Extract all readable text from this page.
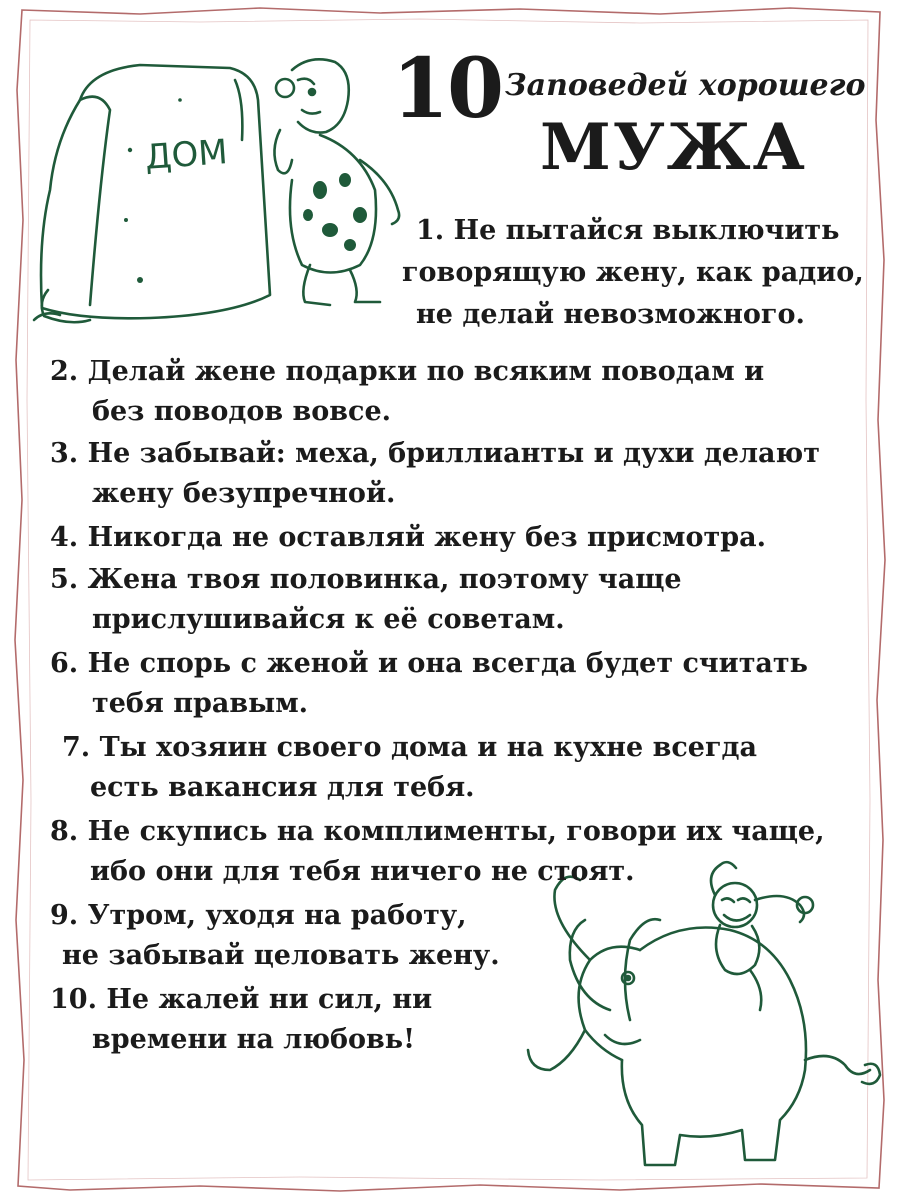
ДОМ
10 Заповедей хорошего
МУЖА
1. Не пытайся выключить
говорящую жену, как радио,
не делай невозможного.
2. Делай жене подарки по всяким поводам и
без поводов вовсе.
3. Не забывай: меха, бриллианты и духи делают
жену безупречной.
4. Никогда не оставляй жену без присмотра.
5. Жена твоя половинка, поэтому чаще
прислушивайся к её советам.
6. Не спорь с женой и она всегда будет считать
тебя правым.
7. Ты хозяин своего дома и на кухне всегда
есть вакансия для тебя.
8. Не скупись на комплименты, говори их чаще,
ибо они для тебя ничего не стоят.
9. Утром, уходя на работу,
не забывай целовать жену.
10. Не жалей ни сил, ни
времени на любовь!
